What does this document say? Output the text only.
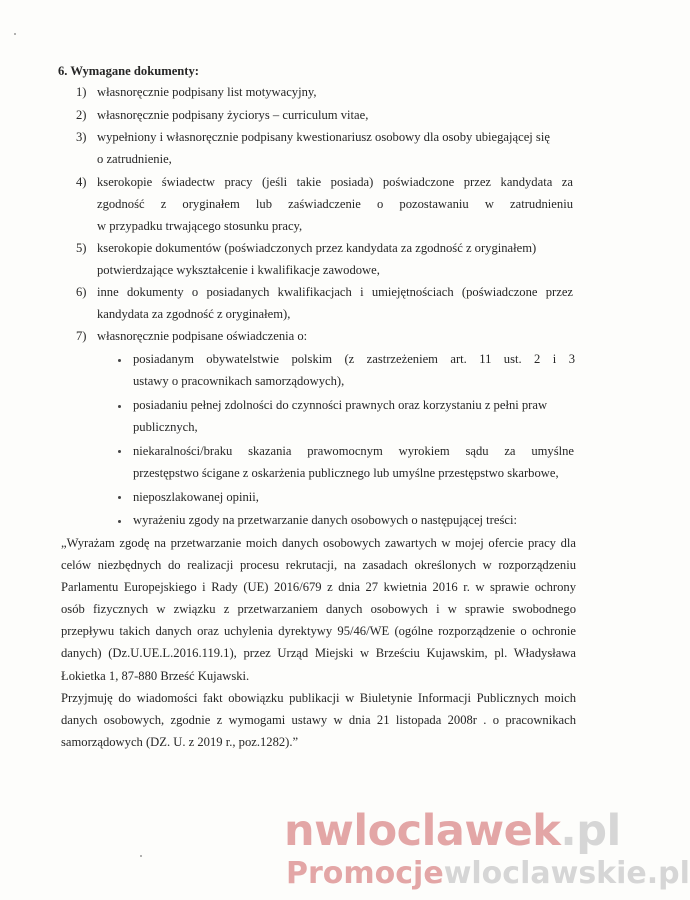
6. Wymagane dokumenty:
1) własnoręcznie podpisany list motywacyjny,
2) własnoręcznie podpisany życiorys – curriculum vitae,
3) wypełniony i własnoręcznie podpisany kwestionariusz osobowy dla osoby ubiegającej się
o zatrudnienie,
4) kserokopie świadectw pracy (jeśli takie posiada) poświadczone przez kandydata za
zgodność z oryginałem lub zaświadczenie o pozostawaniu w zatrudnieniu
w przypadku trwającego stosunku pracy,
5) kserokopie dokumentów (poświadczonych przez kandydata za zgodność z oryginałem)
potwierdzające wykształcenie i kwalifikacje zawodowe,
6) inne dokumenty o posiadanych kwalifikacjach i umiejętnościach (poświadczone przez
kandydata za zgodność z oryginałem),
7) własnoręcznie podpisane oświadczenia o:
posiadanym obywatelstwie polskim (z zastrzeżeniem art. 11 ust. 2 i 3
ustawy o pracownikach samorządowych),
posiadaniu pełnej zdolności do czynności prawnych oraz korzystaniu z pełni praw
publicznych,
niekaralności/braku skazania prawomocnym wyrokiem sądu za umyślne
przestępstwo ścigane z oskarżenia publicznego lub umyślne przestępstwo skarbowe,
nieposzlakowanej opinii,
wyrażeniu zgody na przetwarzanie danych osobowych o następującej treści:
„Wyrażam zgodę na przetwarzanie moich danych osobowych zawartych w mojej ofercie pracy dla
celów niezbędnych do realizacji procesu rekrutacji, na zasadach określonych w rozporządzeniu
Parlamentu Europejskiego i Rady (UE) 2016/679 z dnia 27 kwietnia 2016 r. w sprawie ochrony
osób fizycznych w związku z przetwarzaniem danych osobowych i w sprawie swobodnego
przepływu takich danych oraz uchylenia dyrektywy 95/46/WE (ogólne rozporządzenie o ochronie
danych) (Dz.U.UE.L.2016.119.1), przez Urząd Miejski w Brześciu Kujawskim, pl. Władysława
Łokietka 1, 87-880 Brześć Kujawski.
Przyjmuję do wiadomości fakt obowiązku publikacji w Biuletynie Informacji Publicznych moich
danych osobowych, zgodnie z wymogami ustawy w dnia 21 listopada 2008r . o pracownikach
samorządowych (DZ. U. z 2019 r., poz.1282).”
nwloclawek.pl
Promocjewloclawskie.pl
